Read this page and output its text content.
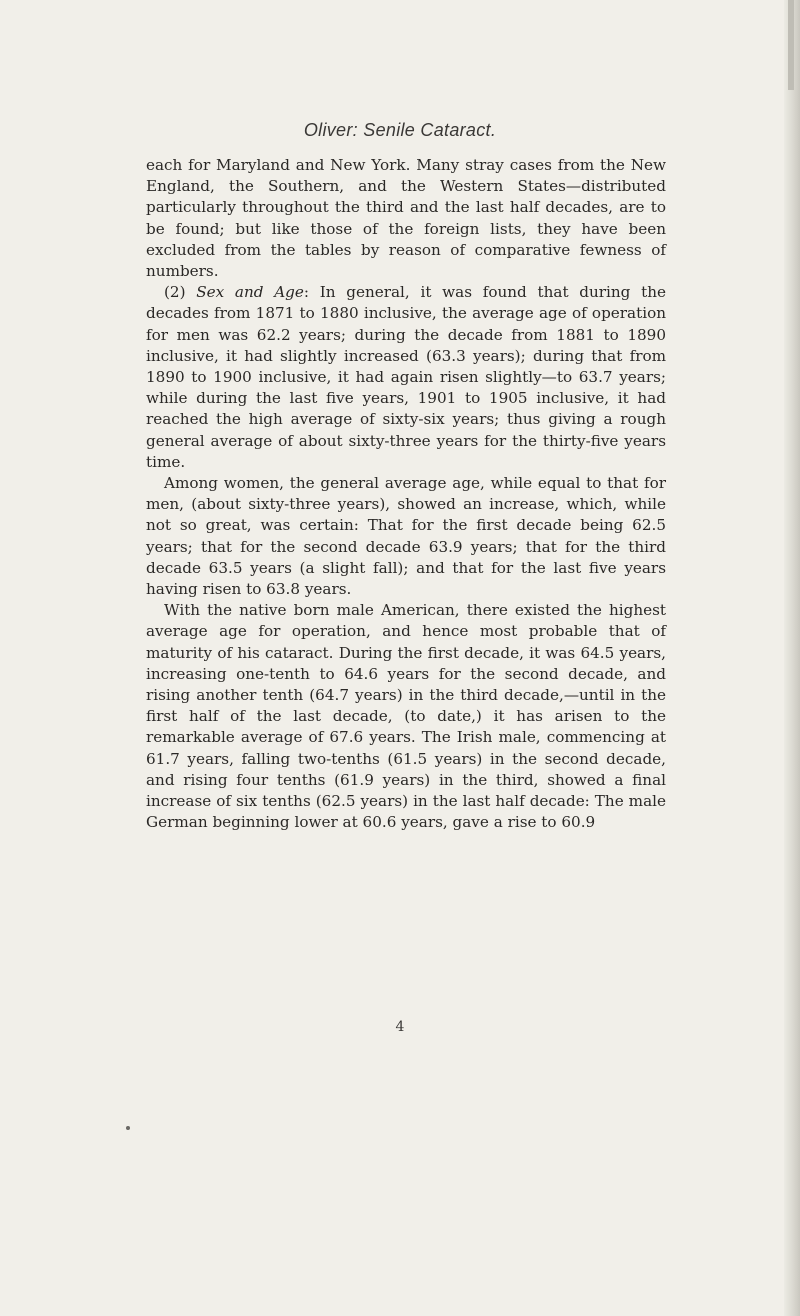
Oliver: Senile Cataract.

each for Maryland and New York. Many stray cases from the New England, the Southern, and the Western States—distributed particularly throughout the third and the last half decades, are to be found; but like those of the foreign lists, they have been excluded from the tables by reason of comparative fewness of numbers.

(2) Sex and Age: In general, it was found that during the decades from 1871 to 1880 inclusive, the average age of operation for men was 62.2 years; during the decade from 1881 to 1890 inclusive, it had slightly increased (63.3 years); during that from 1890 to 1900 inclusive, it had again risen slightly—to 63.7 years; while during the last five years, 1901 to 1905 inclusive, it had reached the high average of sixty-six years; thus giving a rough general average of about sixty-three years for the thirty-five years time.

Among women, the general average age, while equal to that for men, (about sixty-three years), showed an increase, which, while not so great, was certain: That for the first decade being 62.5 years; that for the second decade 63.9 years; that for the third decade 63.5 years (a slight fall); and that for the last five years having risen to 63.8 years.

With the native born male American, there existed the highest average age for operation, and hence most probable that of maturity of his cataract. During the first decade, it was 64.5 years, increasing one-tenth to 64.6 years for the second decade, and rising another tenth (64.7 years) in the third decade,—until in the first half of the last decade, (to date,) it has arisen to the remarkable average of 67.6 years. The Irish male, commencing at 61.7 years, falling two-tenths (61.5 years) in the second decade, and rising four tenths (61.9 years) in the third, showed a final increase of six tenths (62.5 years) in the last half decade: The male German beginning lower at 60.6 years, gave a rise to 60.9

4
